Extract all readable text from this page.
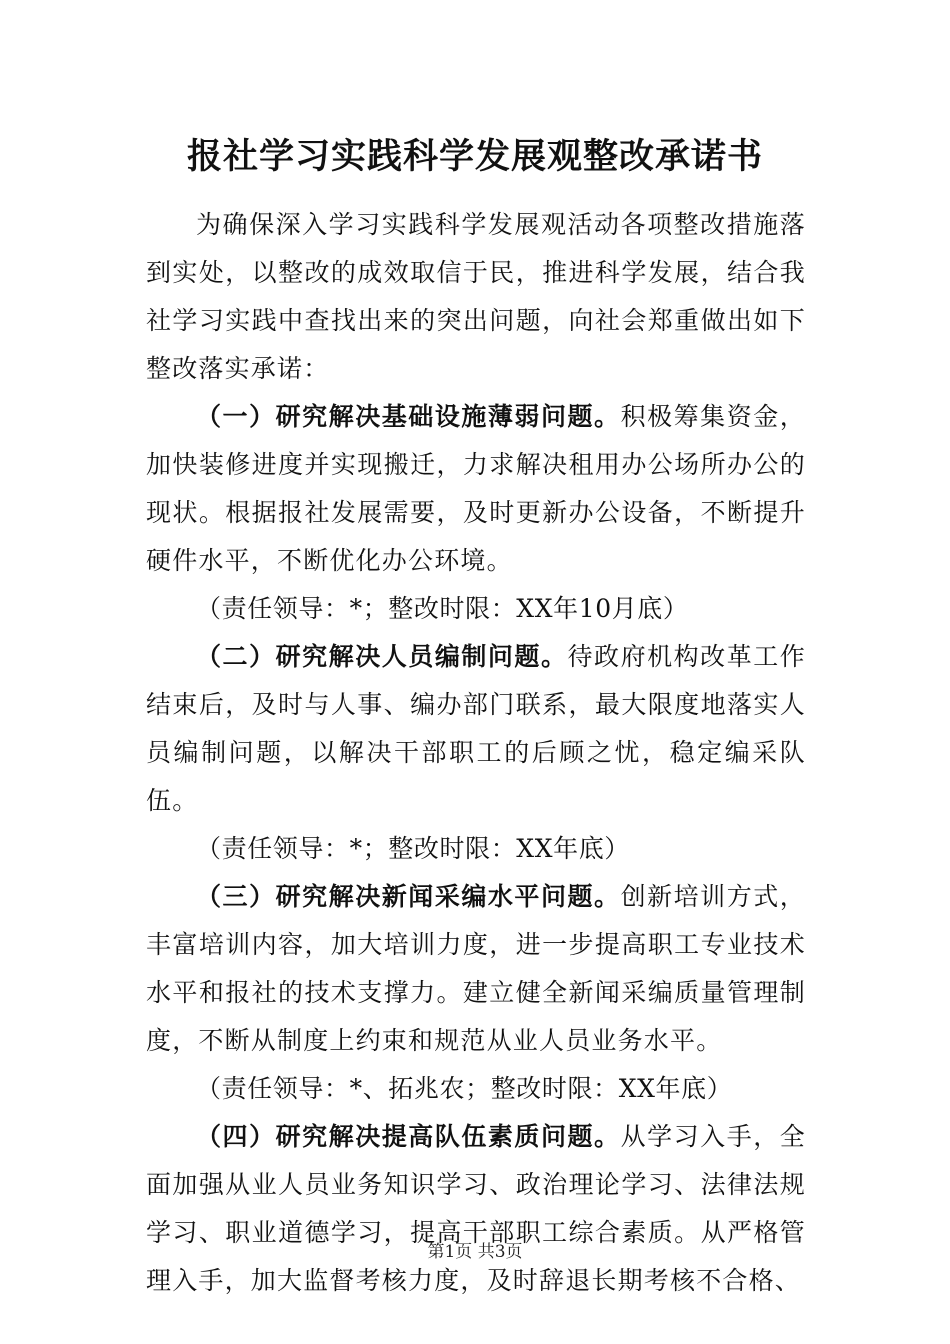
报社学习实践科学发展观整改承诺书

为确保深入学习实践科学发展观活动各项整改措施落到实处，以整改的成效取信于民，推进科学发展，结合我社学习实践中查找出来的突出问题，向社会郑重做出如下整改落实承诺：

（一）研究解决基础设施薄弱问题。积极筹集资金，加快装修进度并实现搬迁，力求解决租用办公场所办公的现状。根据报社发展需要，及时更新办公设备，不断提升硬件水平，不断优化办公环境。

（责任领导：*；整改时限：XX年10月底）

（二）研究解决人员编制问题。待政府机构改革工作结束后，及时与人事、编办部门联系，最大限度地落实人员编制问题，以解决干部职工的后顾之忧，稳定编采队伍。

（责任领导：*；整改时限：XX年底）

（三）研究解决新闻采编水平问题。创新培训方式，丰富培训内容，加大培训力度，进一步提高职工专业技术水平和报社的技术支撑力。建立健全新闻采编质量管理制度，不断从制度上约束和规范从业人员业务水平。

（责任领导：*、拓兆农；整改时限：XX年底）

（四）研究解决提高队伍素质问题。从学习入手，全面加强从业人员业务知识学习、政治理论学习、法律法规学习、职业道德学习，提高干部职工综合素质。从严格管理入手，加大监督考核力度，及时辞退长期考核不合格、

第1页 共3页
